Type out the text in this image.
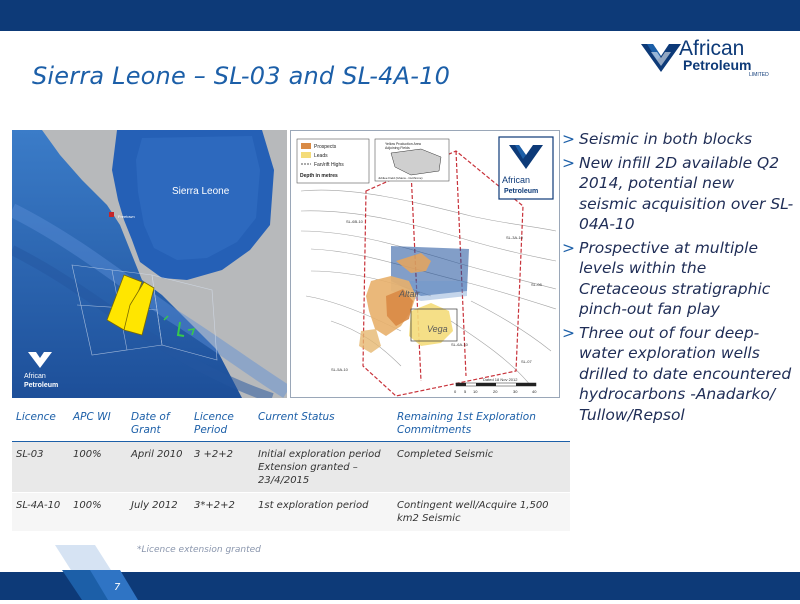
Sierra Leone – SL-03 and SL-4A-10
African
Petroleum
LIMITED
Freetown
Sierra Leone
African
Petroleum
Altair
Vega
Prospects
Leads
Fan/rift Highs
Depth in metres
Yellow Production Area
Adjoining Fields
Jubilee Field (Ghana - Cutthrone)
SL-6B-10
SL-3A-10
SL-5A-10
SL-6A-10
SL-07
SL-08
Dated 18 Nov 2012
0 5 10	20	30	40
African
Petroleum
> Seismic in both blocks
> New infill 2D available Q2 2014, potential new seismic acquisition over SL-04A-10
> Prospective at multiple levels within the Cretaceous stratigraphic pinch-out fan play
> Three out of four deep-water exploration wells drilled to date encountered hydrocarbons -Anadarko/ Tullow/Repsol
Licence	APC WI	Date of Grant	Licence Period	Current Status	Remaining 1st Exploration Commitments
SL-03	100%	April 2010	3 +2+2	Initial exploration period Extension granted – 23/4/2015	Completed Seismic
SL-4A-10	100%	July 2012	3*+2+2	1st exploration period	Contingent well/Acquire 1,500 km2 Seismic
*Licence extension granted
7
